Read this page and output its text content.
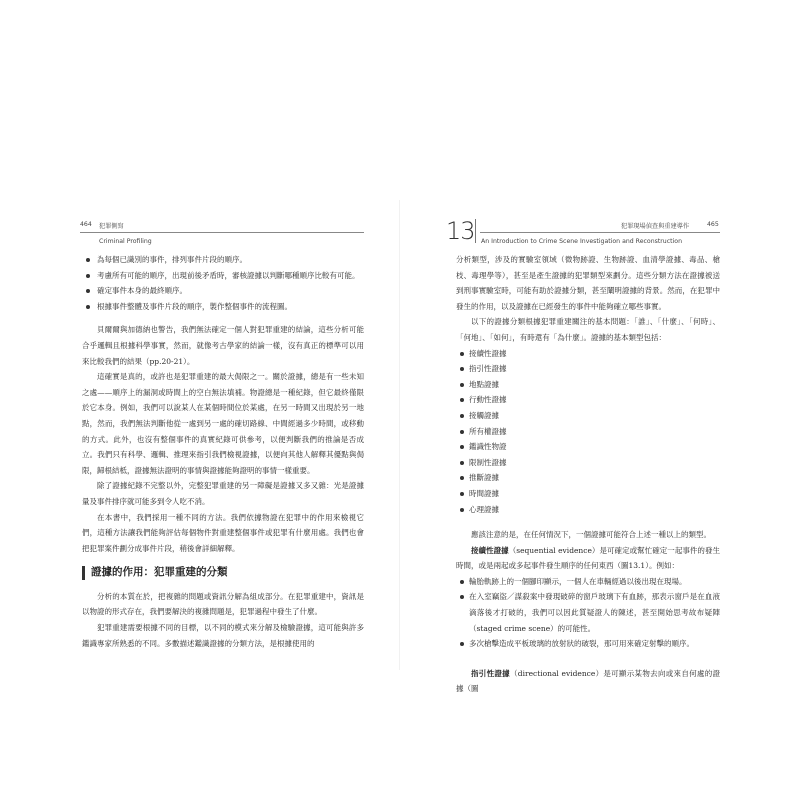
464 犯罪側寫
Criminal Profiling
為每個已識別的事件，排列事件片段的順序。
考慮所有可能的順序，出現前後矛盾時，審核證據以判斷哪種順序比較有可能。
確定事件本身的最終順序。
根據事件整體及事件片段的順序，製作整個事件的流程圖。

貝爾爾與加德納也警告，我們無法確定一個人對犯罪重建的結論，這些分析可能合乎邏輯且根據科學事實，然而，就像考古學家的結論一樣，沒有真正的標準可以用來比較我們的結果（pp.20-21）。

這確實是真的，或許也是犯罪重建的最大侷限之一。關於證據，總是有一些未知之處——順序上的漏洞或時間上的空白無法填補。物證總是一種紀錄，但它最終僅限於它本身。例如，我們可以說某人在某個時間位於某處，在另一時間又出現於另一地點，然而，我們無法判斷他從一處到另一處的確切路線、中間經過多少時間，或移動的方式。此外，也沒有整個事件的真實紀錄可供參考，以便判斷我們的推論是否成立。我們只有科學、邏輯、推理來指引我們檢視證據，以便向其他人解釋其優點與侷限，歸根結柢，證據無法證明的事情與證據能夠證明的事情一樣重要。

除了證據紀錄不完整以外，完整犯罪重建的另一障礙是證據又多又雜：光是證據量及事件排序就可能多到令人吃不消。

在本書中，我們採用一種不同的方法。我們依據物證在犯罪中的作用來檢視它們，這種方法讓我們能夠評估每個物件對重建整個事件或犯罪有什麼用處。我們也會把犯罪案件劃分成事件片段，稍後會詳細解釋。

證據的作用：犯罪重建的分類

分析的本質在於，把複雜的問題或資訊分解為組成部分。在犯罪重建中，資訊是以物證的形式存在，我們要解決的複雜問題是，犯罪過程中發生了什麼。

犯罪重建需要根據不同的目標，以不同的模式來分解及檢驗證據，這可能與許多鑑識專家所熟悉的不同。多數描述鑑識證據的分類方法，是根據使用的

13	犯罪現場偵查與重建導作	465
An Introduction to Crime Scene Investigation and Reconstruction

分析類型，涉及的實驗室領域（微物跡證、生物跡證、血清學證據、毒品、槍枝、毒理學等），甚至是產生證據的犯罪類型來劃分。這些分類方法在證據被送到刑事實驗室時，可能有助於證據分類，甚至闡明證據的背景。然而，在犯罪中發生的作用，以及證據在已經發生的事件中能夠確立哪些事實。

以下的證據分類根據犯罪重建關注的基本問題：「誰」、「什麼」、「何時」、「何地」、「如何」，有時還有「為什麼」。證據的基本類型包括：

接續性證據
指引性證據
地點證據
行動性證據
接觸證據
所有權證據
鑑識性物證
限制性證據
推斷證據
時間證據
心理證據

應該注意的是，在任何情況下，一個證據可能符合上述一種以上的類型。

接續性證據（sequential evidence）是可確定或幫忙確定一起事件的發生時間，或是兩起或多起事件發生順序的任何東西（圖13.1）。例如：

輪胎軌跡上的一個腳印顯示，一個人在車輛經過以後出現在現場。
在入室竊盜／謀殺案中發現破碎的窗戶玻璃下有血跡，那表示窗戶是在血液滴落後才打破的，我們可以因此質疑證人的陳述，甚至開始思考故布疑陣（staged crime scene）的可能性。
多次槍擊造成平板玻璃的放射狀的破裂，那可用來確定射擊的順序。

指引性證據（directional evidence）是可顯示某物去向或來自何處的證據（圖
